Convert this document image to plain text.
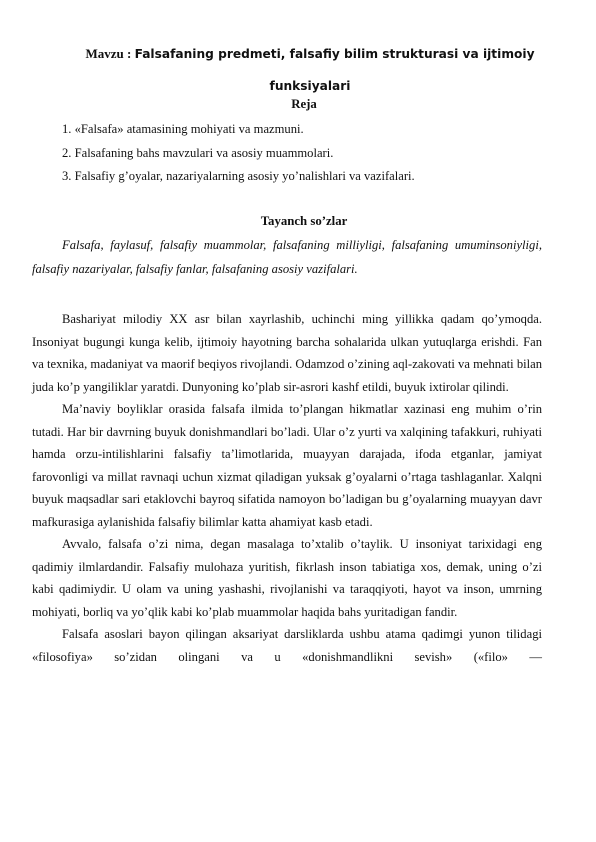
Mavzu : Falsafaning predmeti, falsafiy bilim strukturasi va ijtimoiy
funksiyalari
Reja
1. «Falsafa» atamasining mohiyati va mazmuni.
2. Falsafaning bahs mavzulari va asosiy muammolari.
3. Falsafiy g’oyalar, nazariyalarning asosiy yo’nalishlari va vazifalari.
Tayanch so’zlar
Falsafa, faylasuf, falsafiy muammolar, falsafaning milliyligi, falsafaning umuminsoniyligi, falsafiy nazariyalar, falsafiy fanlar, falsafaning asosiy vazifalari.

Bashariyat milodiy XX asr bilan xayrlashib, uchinchi ming yillikka qadam qo’ymoqda. Insoniyat bugungi kunga kelib, ijtimoiy hayotning barcha sohalarida ulkan yutuqlarga erishdi. Fan va texnika, madaniyat va maorif beqiyos rivojlandi. Odamzod o’zining aql-zakovati va mehnati bilan juda ko’p yangiliklar yaratdi. Dunyoning ko’plab sir-asrori kashf etildi, buyuk ixtirolar qilindi.

Ma’naviy boyliklar orasida falsafa ilmida to’plangan hikmatlar xazinasi eng muhim o’rin tutadi. Har bir davrning buyuk donishmandlari bo’ladi. Ular o’z yurti va xalqining tafakkuri, ruhiyati hamda orzu-intilishlarini falsafiy ta’limotlarida, muayyan darajada, ifoda etganlar, jamiyat farovonligi va millat ravnaqi uchun xizmat qiladigan yuksak g’oyalarni o’rtaga tashlaganlar. Xalqni buyuk maqsadlar sari etaklovchi bayroq sifatida namoyon bo’ladigan bu g’oyalarning muayyan davr mafkurasiga aylanishida falsafiy bilimlar katta ahamiyat kasb etadi.

Avvalo, falsafa o’zi nima, degan masalaga to’xtalib o’taylik. U insoniyat tarixidagi eng qadimiy ilmlardandir. Falsafiy mulohaza yuritish, fikrlash inson tabiatiga xos, demak, uning o’zi kabi qadimiydir. U olam va uning yashashi, rivojlanishi va taraqqiyoti, hayot va inson, umrning mohiyati, borliq va yo’qlik kabi ko’plab muammolar haqida bahs yuritadigan fandir.

Falsafa asoslari bayon qilingan aksariyat darsliklarda ushbu atama qadimgi yunon tilidagi «filosofiya» so’zidan olingani va u «donishmandlikni sevish» («filo» —
